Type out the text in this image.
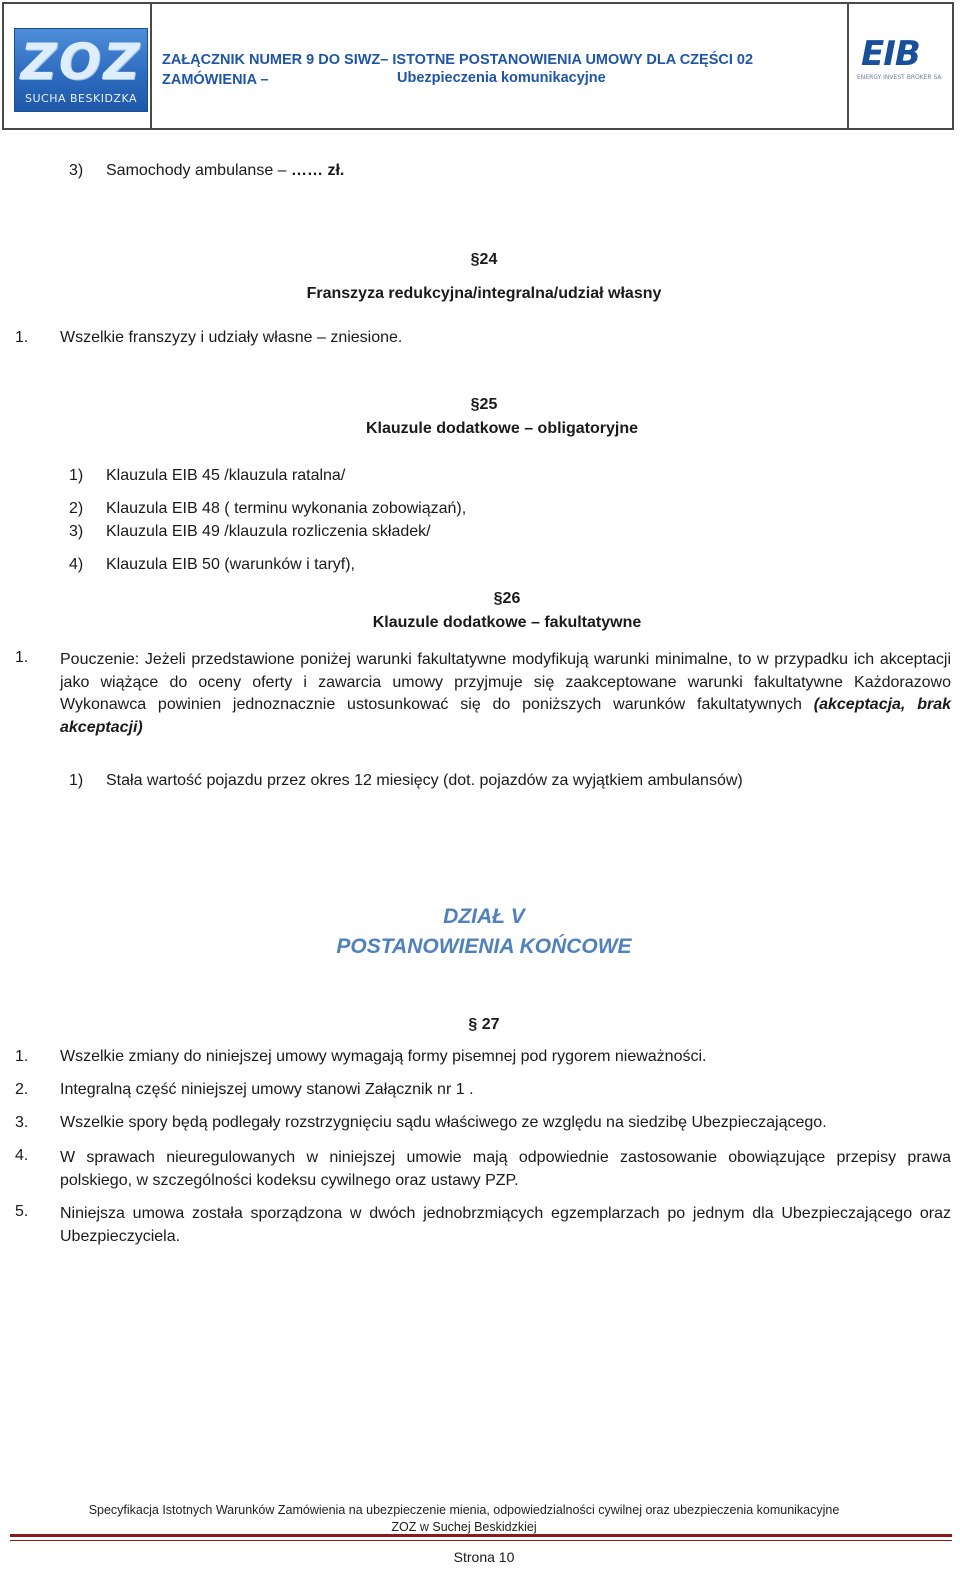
ZOZ
SUCHA BESKIDZKA
ZAŁĄCZNIK NUMER 9 DO SIWZ– ISTOTNE POSTANOWIENIA UMOWY DLA CZĘŚCI 02 ZAMÓWIENIA –	Ubezpieczenia komunikacyjne
EIB
ENERGY INVEST BROKER SA
3) Samochody ambulanse – …… zł.
§24
Franszyza redukcyjna/integralna/udział własny
1. Wszelkie franszyzy i udziały własne – zniesione.
§25
Klauzule dodatkowe – obligatoryjne
1) Klauzula EIB 45 /klauzula ratalna/
2) Klauzula EIB 48 ( terminu wykonania zobowiązań),
3) Klauzula EIB 49 /klauzula rozliczenia składek/
4) Klauzula EIB 50 (warunków i taryf),
§26
Klauzule dodatkowe – fakultatywne
1. Pouczenie: Jeżeli przedstawione poniżej warunki fakultatywne modyfikują warunki minimalne, to w przypadku ich akceptacji jako wiążące do oceny oferty i zawarcia umowy przyjmuje się zaakceptowane warunki fakultatywne Każdorazowo Wykonawca powinien jednoznacznie ustosunkować się do poniższych warunków fakultatywnych (akceptacja, brak akceptacji)
1) Stała wartość pojazdu przez okres 12 miesięcy (dot. pojazdów za wyjątkiem ambulansów)
DZIAŁ V
POSTANOWIENIA KOŃCOWE
§ 27
1. Wszelkie zmiany do niniejszej umowy wymagają formy pisemnej pod rygorem nieważności.
2. Integralną część niniejszej umowy stanowi Załącznik nr 1 .
3. Wszelkie spory będą podlegały rozstrzygnięciu sądu właściwego ze względu na siedzibę Ubezpieczającego.
4. W sprawach nieuregulowanych w niniejszej umowie mają odpowiednie zastosowanie obowiązujące przepisy prawa polskiego, w szczególności kodeksu cywilnego oraz ustawy PZP.
5. Niniejsza umowa została sporządzona w dwóch jednobrzmiących egzemplarzach po jednym dla Ubezpieczającego oraz Ubezpieczyciela.
Specyfikacja Istotnych Warunków Zamówienia na ubezpieczenie mienia, odpowiedzialności cywilnej oraz ubezpieczenia komunikacyjne
ZOZ w Suchej Beskidzkiej
Strona 10
